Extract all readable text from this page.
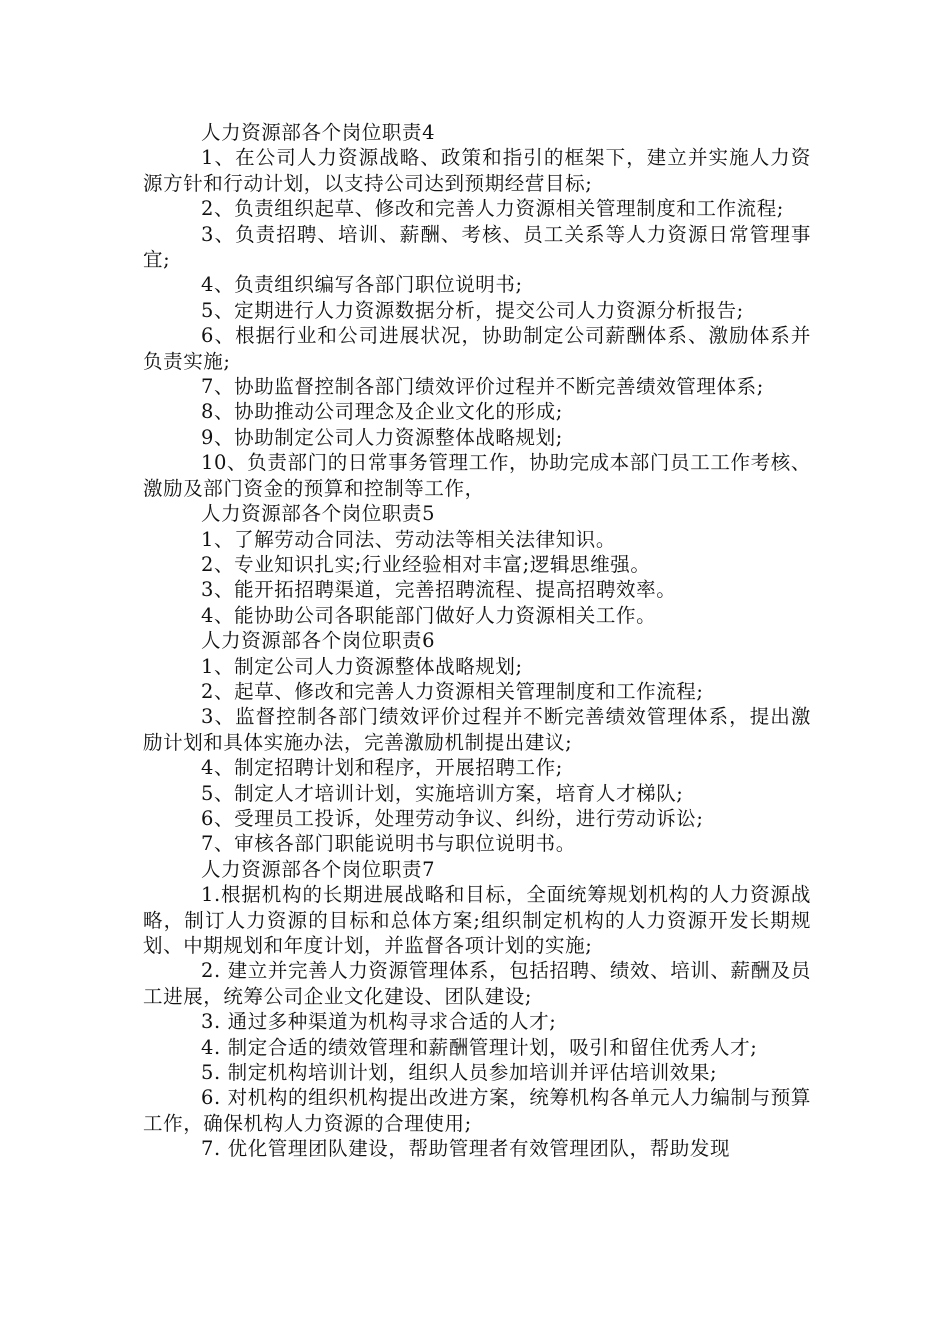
人力资源部各个岗位职责4

1、在公司人力资源战略、政策和指引的框架下，建立并实施人力资源方针和行动计划，以支持公司达到预期经营目标;

2、负责组织起草、修改和完善人力资源相关管理制度和工作流程;

3、负责招聘、培训、薪酬、考核、员工关系等人力资源日常管理事宜;

4、负责组织编写各部门职位说明书;

5、定期进行人力资源数据分析，提交公司人力资源分析报告;

6、根据行业和公司进展状况，协助制定公司薪酬体系、激励体系并负责实施;

7、协助监督控制各部门绩效评价过程并不断完善绩效管理体系;

8、协助推动公司理念及企业文化的形成;

9、协助制定公司人力资源整体战略规划;

10、负责部门的日常事务管理工作，协助完成本部门员工工作考核、激励及部门资金的预算和控制等工作，

人力资源部各个岗位职责5

1、了解劳动合同法、劳动法等相关法律知识。

2、专业知识扎实;行业经验相对丰富;逻辑思维强。

3、能开拓招聘渠道，完善招聘流程、提高招聘效率。

4、能协助公司各职能部门做好人力资源相关工作。

人力资源部各个岗位职责6

1、制定公司人力资源整体战略规划;

2、起草、修改和完善人力资源相关管理制度和工作流程;

3、监督控制各部门绩效评价过程并不断完善绩效管理体系，提出激励计划和具体实施办法，完善激励机制提出建议;

4、制定招聘计划和程序，开展招聘工作;

5、制定人才培训计划，实施培训方案，培育人才梯队;

6、受理员工投诉，处理劳动争议、纠纷，进行劳动诉讼;

7、审核各部门职能说明书与职位说明书。

人力资源部各个岗位职责7

1.根据机构的长期进展战略和目标，全面统筹规划机构的人力资源战略，制订人力资源的目标和总体方案;组织制定机构的人力资源开发长期规划、中期规划和年度计划，并监督各项计划的实施;

2. 建立并完善人力资源管理体系，包括招聘、绩效、培训、薪酬及员工进展，统筹公司企业文化建设、团队建设;

3. 通过多种渠道为机构寻求合适的人才;

4. 制定合适的绩效管理和薪酬管理计划，吸引和留住优秀人才;

5. 制定机构培训计划，组织人员参加培训并评估培训效果;

6. 对机构的组织机构提出改进方案，统筹机构各单元人力编制与预算工作，确保机构人力资源的合理使用;

7. 优化管理团队建设，帮助管理者有效管理团队，帮助发现
